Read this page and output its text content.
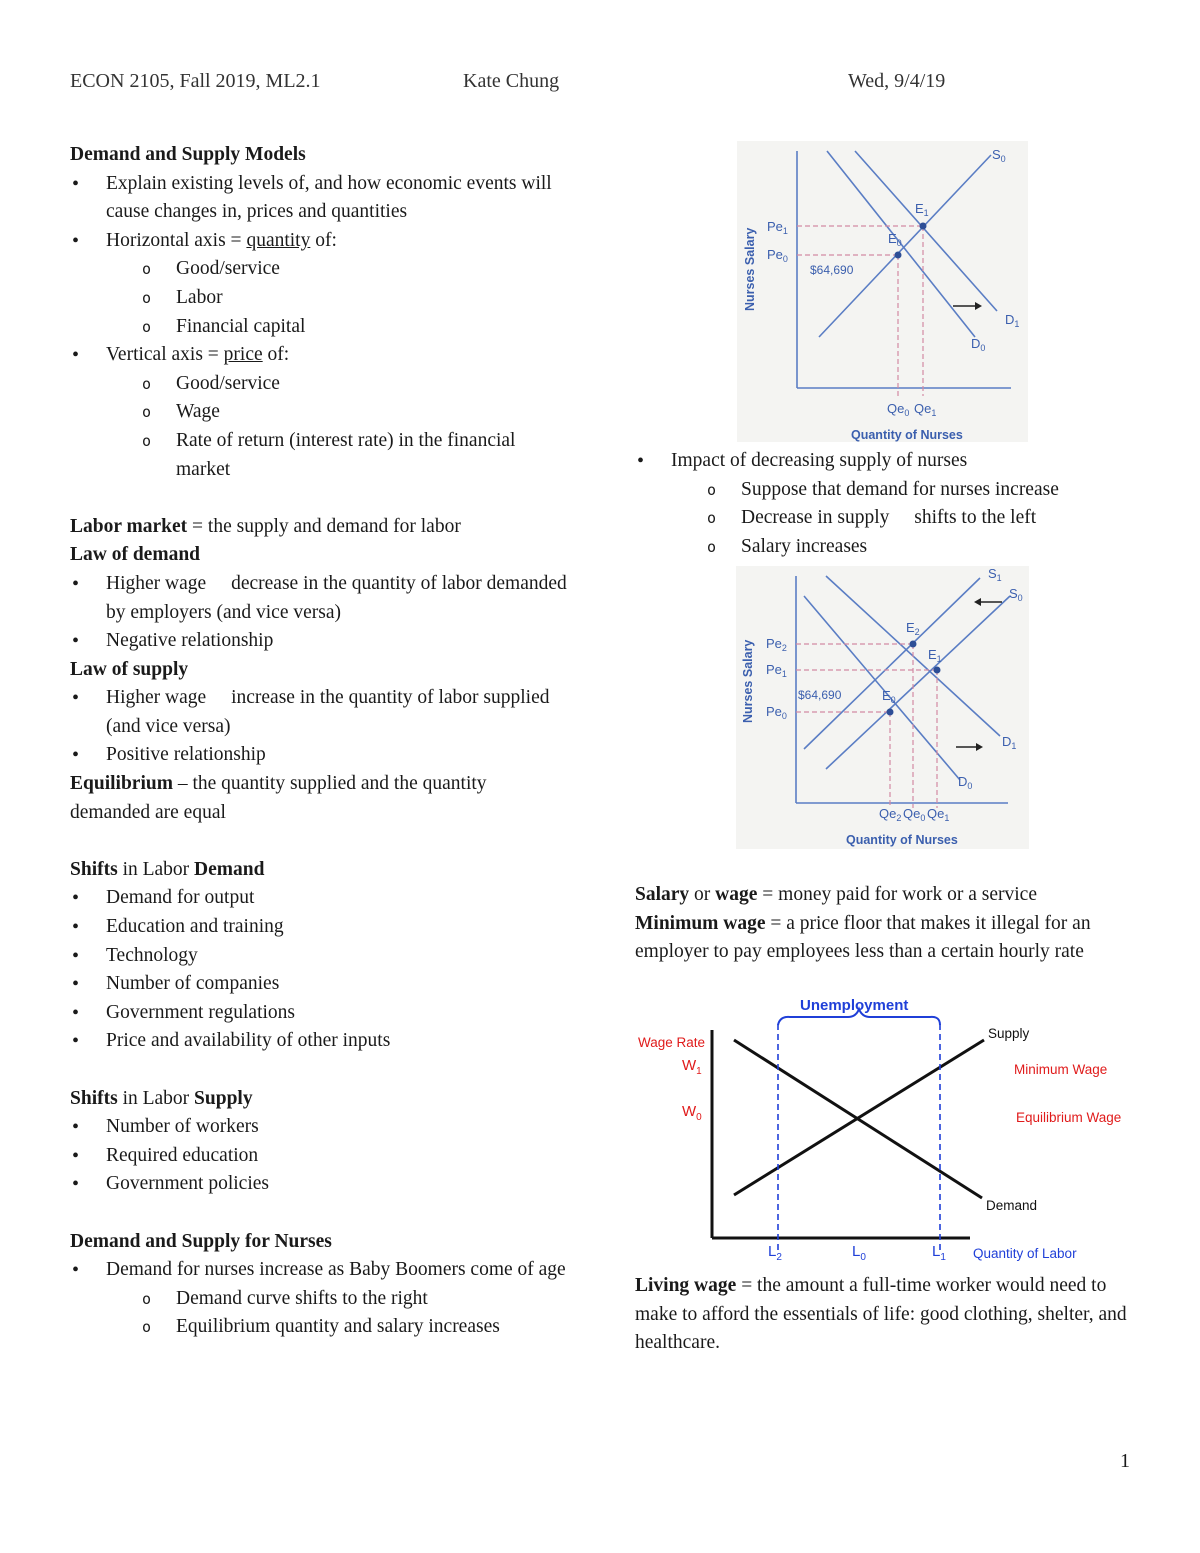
ECON 2105, Fall 2019, ML2.1	Kate Chung	Wed, 9/4/19

Demand and Supply Models

• Explain existing levels of, and how economic events will cause changes in, prices and quantities
• Horizontal axis = quantity of:
o Good/service
o Labor
o Financial capital
• Vertical axis = price of:
o Good/service
o Wage
o Rate of return (interest rate) in the financial market

Labor market = the supply and demand for labor

Law of demand

• Higher wage decrease in the quantity of labor demanded by employers (and vice versa)
• Negative relationship

Law of supply

• Higher wage increase in the quantity of labor supplied (and vice versa)
• Positive relationship

Equilibrium – the quantity supplied and the quantity demanded are equal

Shifts in Labor Demand

• Demand for output
• Education and training
• Technology
• Number of companies
• Government regulations
• Price and availability of other inputs

Shifts in Labor Supply

• Number of workers
• Required education
• Government policies

Demand and Supply for Nurses

• Demand for nurses increase as Baby Boomers come of age
o Demand curve shifts to the right
o Equilibrium quantity and salary increases
$S_0$
$E_1$
$E_0$
$Pe_1$
$Pe_0$
$64,690
$D_1$
$D_0$
$Qe_0$ $Qe_1$
Quantity of Nurses
Nurses Salary
• Impact of decreasing supply of nurses
o Suppose that demand for nurses increase
o Decrease in supply shifts to the left
o Salary increases
$S_1$
$S_0$
$E_2$
$E_1$
$E_0$
$Pe_2$
$Pe_1$
$Pe_0$
$64,690
$D_1$
$D_0$
$Qe_2$ $Qe_0$ $Qe_1$
Quantity of Nurses
Nurses Salary

Salary or wage = money paid for work or a service

Minimum wage = a price floor that makes it illegal for an employer to pay employees less than a certain hourly rate

Unemployment
Wage Rate
$W_1$
$W_0$
Supply
Demand
Minimum Wage
Equilibrium Wage
$L_2$	$L_0$	$L_1$ Quantity of Labor

Living wage = the amount a full-time worker would need to make to afford the essentials of life: good clothing, shelter, and healthcare.

1
